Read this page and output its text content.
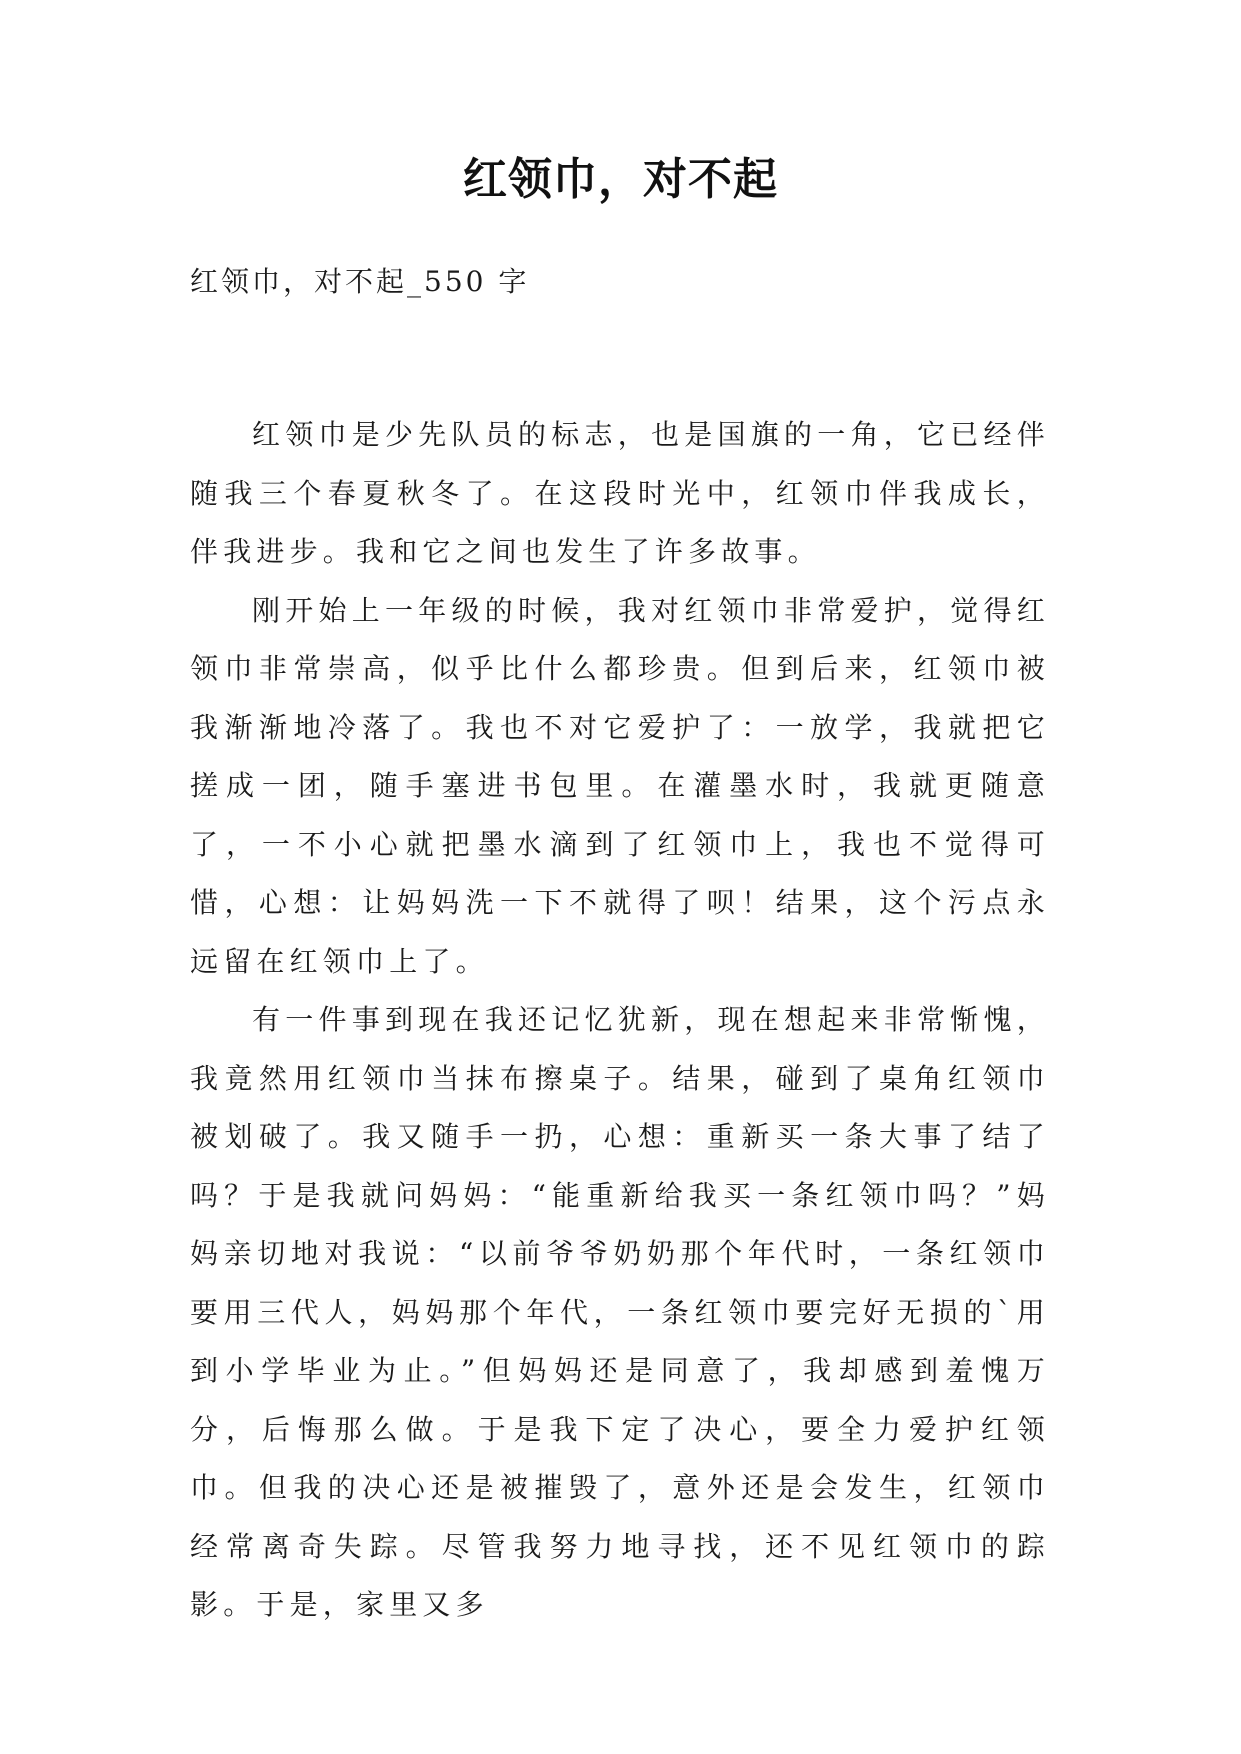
红领巾，对不起

红领巾，对不起_550 字

红领巾是少先队员的标志，也是国旗的一角，它已经伴随我三个春夏秋冬了。在这段时光中，红领巾伴我成长，伴我进步。我和它之间也发生了许多故事。

刚开始上一年级的时候，我对红领巾非常爱护，觉得红领巾非常崇高，似乎比什么都珍贵。但到后来，红领巾被我渐渐地冷落了。我也不对它爱护了：一放学，我就把它搓成一团，随手塞进书包里。在灌墨水时，我就更随意了，一不小心就把墨水滴到了红领巾上，我也不觉得可惜，心想：让妈妈洗一下不就得了呗！结果，这个污点永远留在红领巾上了。

有一件事到现在我还记忆犹新，现在想起来非常惭愧，我竟然用红领巾当抹布擦桌子。结果，碰到了桌角红领巾被划破了。我又随手一扔，心想：重新买一条大事了结了吗？于是我就问妈妈：“能重新给我买一条红领巾吗？”妈妈亲切地对我说：“以前爷爷奶奶那个年代时，一条红领巾要用三代人，妈妈那个年代，一条红领巾要完好无损的`用到小学毕业为止。”但妈妈还是同意了，我却感到羞愧万分，后悔那么做。于是我下定了决心，要全力爱护红领巾。但我的决心还是被摧毁了，意外还是会发生，红领巾经常离奇失踪。尽管我努力地寻找，还不见红领巾的踪影。于是，家里又多
